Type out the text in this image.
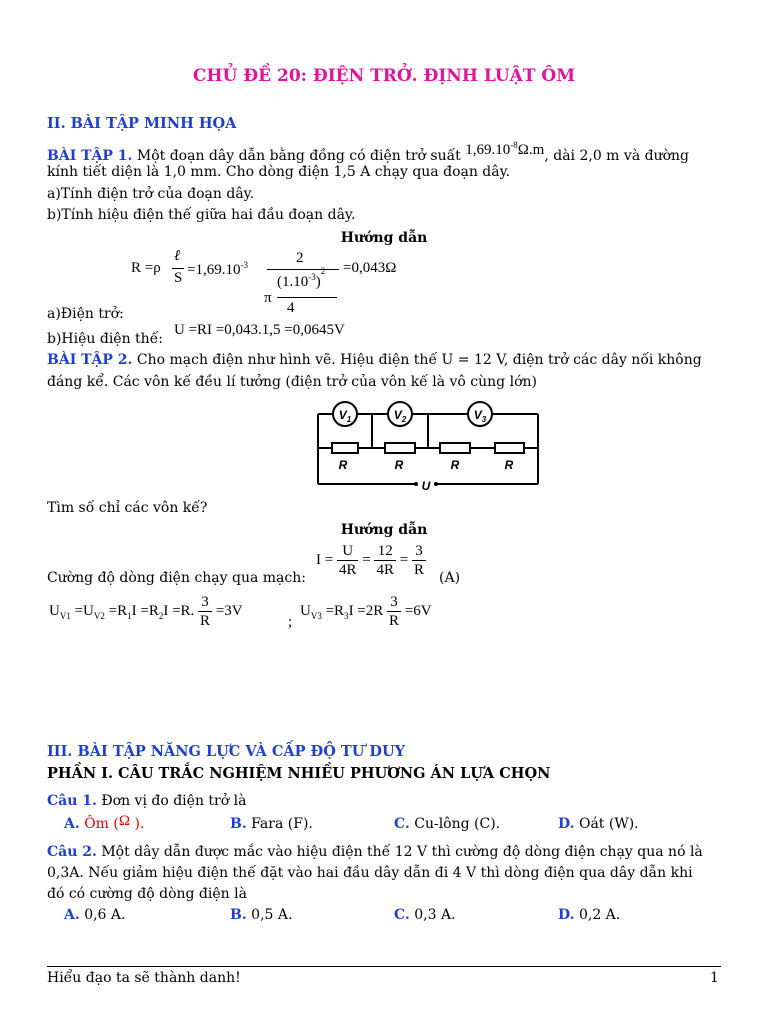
CHỦ ĐỀ 20: ĐIỆN TRỞ. ĐỊNH LUẬT ÔM
II. BÀI TẬP MINH HỌA
BÀI TẬP 1. Một đoạn dây dẫn bằng đồng có điện trở suất $1,69.10^{-8}\Omega.m$, dài 2,0 m và đường
kính tiết diện là 1,0 mm. Cho dòng điện 1,5 A chạy qua đoạn dây.
a)Tính điện trở của đoạn dây.
b)Tính hiệu điện thế giữa hai đầu đoạn dây.
Hướng dẫn
R =ρ
ℓ
$S =1,69.10^{-3}$	2
$(1.10^{-3})^2$
π
4
=0,043Ω
a)Điện trở:
b)Hiệu điện thế:
U =RI =0,043.1,5 =0,0645V
BÀI TẬP 2. Cho mạch điện như hình vẽ. Hiệu điện thế U = 12 V, điện trở các dây nối không
đáng kể. Các vôn kế đều lí tưởng (điện trở của vôn kế là vô cùng lớn)
$V_1$	$V_2$	$V_3$
R	R	R	R
U
Tìm số chỉ các vôn kế?
Hướng dẫn
Cường độ dòng điện chạy qua mạch:
$I = \frac{U}{4R} = \frac{12}{4R} = \frac{3}{R} (A)$
$U_{V1} =U_{V2} =R_1I =R_2I =R$. $\frac{3}{R} =3V$
;
$U_{V3} =R_3I =2R \frac{3}{R} =6V$
III. BÀI TẬP NĂNG LỰC VÀ CẤP ĐỘ TƯ DUY
PHẦN I. CÂU TRẮC NGHIỆM NHIỀU PHƯƠNG ÁN LỰA CHỌN
Câu 1. Đơn vị đo điện trở là
A. Ôm (Ω ).	B. Fara (F).	C. Cu-lông (C).	D. Oát (W).
Câu 2. Một dây dẫn được mắc vào hiệu điện thế 12 V thì cường độ dòng điện chạy qua nó là
0,3A. Nếu giảm hiệu điện thế đặt vào hai đầu dây dẫn đi 4 V thì dòng điện qua dây dẫn khi
đó có cường độ dòng điện là
A. 0,6 A.	B. 0,5 A.	C. 0,3 A.	D. 0,2 A.
Hiểu đạo ta sẽ thành danh!	1
